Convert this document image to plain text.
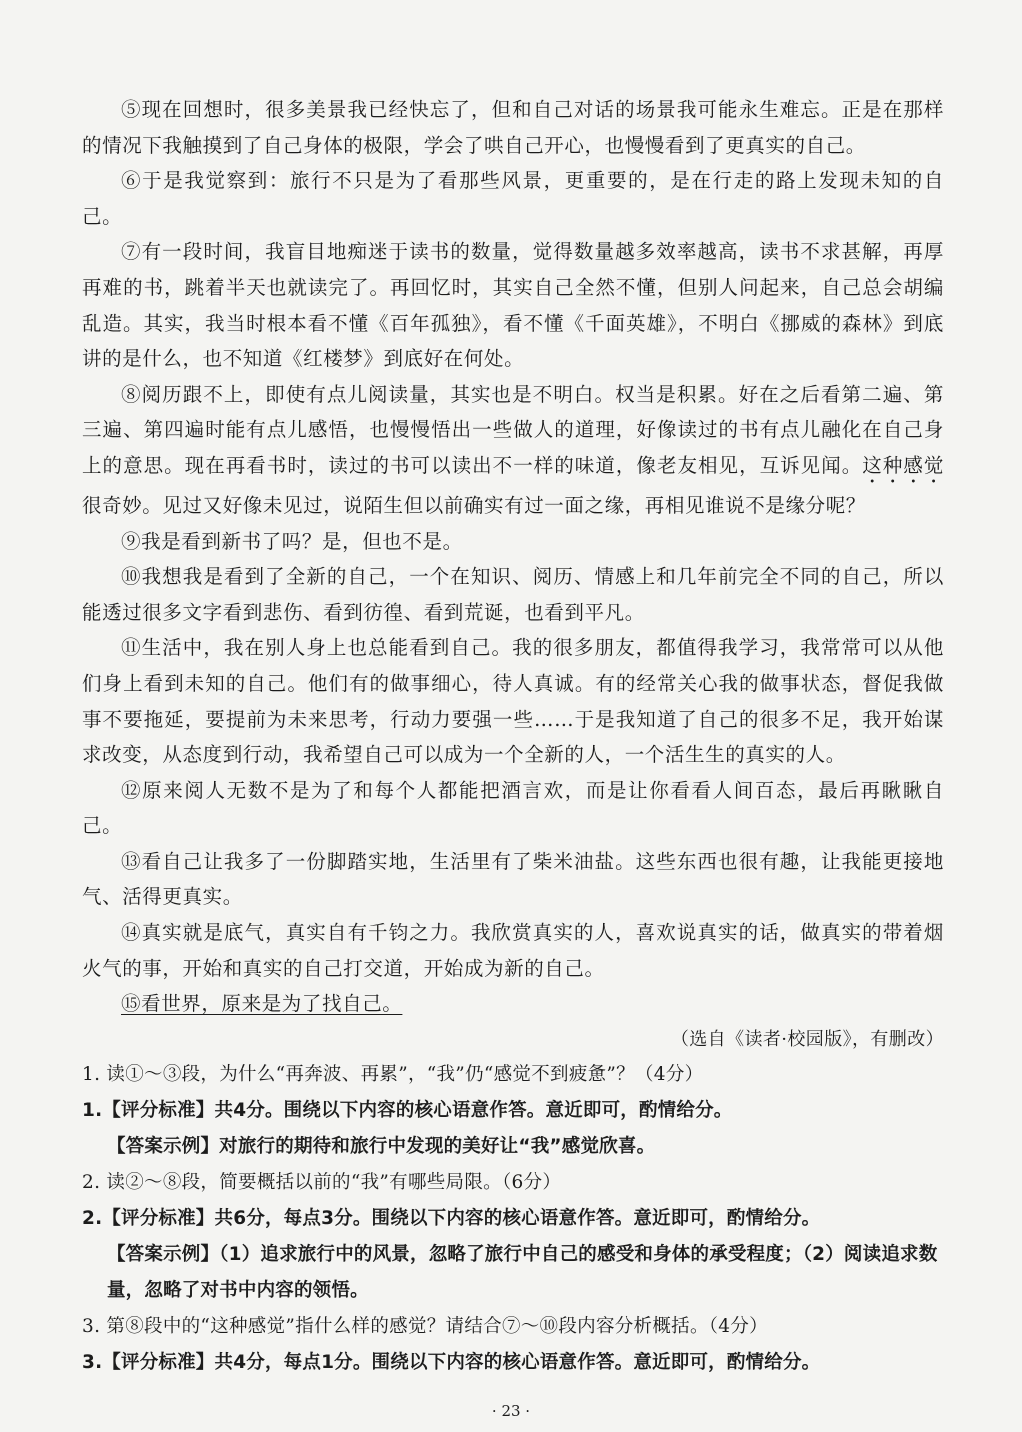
⑤现在回想时，很多美景我已经快忘了，但和自己对话的场景我可能永生难忘。正是在那样的情况下我触摸到了自己身体的极限，学会了哄自己开心，也慢慢看到了更真实的自己。

⑥于是我觉察到：旅行不只是为了看那些风景，更重要的，是在行走的路上发现未知的自己。

⑦有一段时间，我盲目地痴迷于读书的数量，觉得数量越多效率越高，读书不求甚解，再厚再难的书，跳着半天也就读完了。再回忆时，其实自己全然不懂，但别人问起来，自己总会胡编乱造。其实，我当时根本看不懂《百年孤独》，看不懂《千面英雄》，不明白《挪威的森林》到底讲的是什么，也不知道《红楼梦》到底好在何处。

⑧阅历跟不上，即使有点儿阅读量，其实也是不明白。权当是积累。好在之后看第二遍、第三遍、第四遍时能有点儿感悟，也慢慢悟出一些做人的道理，好像读过的书有点儿融化在自己身上的意思。现在再看书时，读过的书可以读出不一样的味道，像老友相见，互诉见闻。这种感觉很奇妙。见过又好像未见过，说陌生但以前确实有过一面之缘，再相见谁说不是缘分呢？

⑨我是看到新书了吗？是，但也不是。

⑩我想我是看到了全新的自己，一个在知识、阅历、情感上和几年前完全不同的自己，所以能透过很多文字看到悲伤、看到彷徨、看到荒诞，也看到平凡。

⑪生活中，我在别人身上也总能看到自己。我的很多朋友，都值得我学习，我常常可以从他们身上看到未知的自己。他们有的做事细心，待人真诚。有的经常关心我的做事状态，督促我做事不要拖延，要提前为未来思考，行动力要强一些……于是我知道了自己的很多不足，我开始谋求改变，从态度到行动，我希望自己可以成为一个全新的人，一个活生生的真实的人。

⑫原来阅人无数不是为了和每个人都能把酒言欢，而是让你看看人间百态，最后再瞅瞅自己。

⑬看自己让我多了一份脚踏实地，生活里有了柴米油盐。这些东西也很有趣，让我能更接地气、活得更真实。

⑭真实就是底气，真实自有千钧之力。我欣赏真实的人，喜欢说真实的话，做真实的带着烟火气的事，开始和真实的自己打交道，开始成为新的自己。

⑮看世界，原来是为了找自己。

（选自《读者·校园版》，有删改）

1. 读①～③段，为什么“再奔波、再累”，“我”仍“感觉不到疲惫”？（4分）

1.【评分标准】共4分。围绕以下内容的核心语意作答。意近即可，酌情给分。

【答案示例】对旅行的期待和旅行中发现的美好让“我”感觉欣喜。

2. 读②～⑧段，简要概括以前的“我”有哪些局限。（6分）

2.【评分标准】共6分，每点3分。围绕以下内容的核心语意作答。意近即可，酌情给分。

【答案示例】（1）追求旅行中的风景，忽略了旅行中自己的感受和身体的承受程度；（2）阅读追求数量，忽略了对书中内容的领悟。

3. 第⑧段中的“这种感觉”指什么样的感觉？请结合⑦～⑩段内容分析概括。（4分）

3.【评分标准】共4分，每点1分。围绕以下内容的核心语意作答。意近即可，酌情给分。

· 23 ·
